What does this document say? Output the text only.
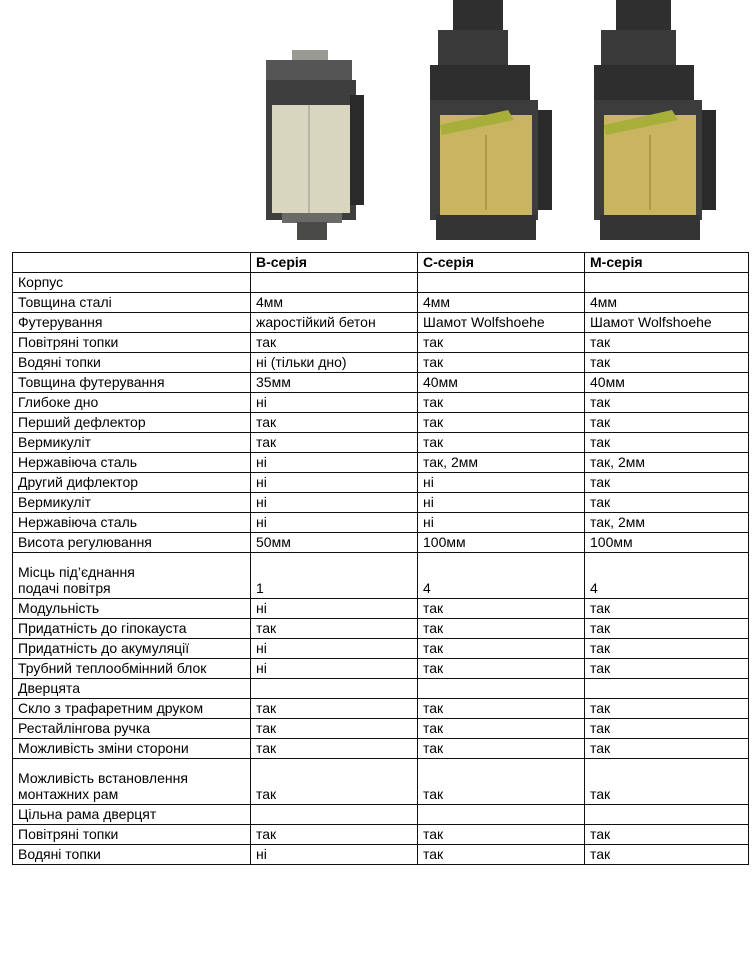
	B-серія	C-серія	M-серія
Корпус			
Товщина сталі	4мм	4мм	4мм
Футерування	жаростійкий бетон	Шамот Wolfshoehe	Шамот Wolfshoehe
Повітряні топки	так	так	так
Водяні топки	ні (тільки дно)	так	так
Товщина футерування	35мм	40мм	40мм
Глибоке дно	ні	так	так
Перший дефлектор	так	так	так
Вермикуліт	так	так	так
Нержавіюча сталь	ні	так, 2мм	так, 2мм
Другий дифлектор	ні	ні	так
Вермикуліт	ні	ні	так
Нержавіюча сталь	ні	ні	так, 2мм
Висота регулювання	50мм	100мм	100мм
Місць під’єднання
подачі повітря	1	4	4
Модульність	ні	так	так
Придатність до гіпокауста	так	так	так
Придатність до акумуляції	ні	так	так
Трубний теплообмінний блок	ні	так	так
Дверцята			
Скло з трафаретним друком	так	так	так
Рестайлінгова ручка	так	так	так
Можливість зміни сторони	так	так	так
Можливість встановлення
монтажних рам	так	так	так
Цільна рама дверцят			
Повітряні топки	так	так	так
Водяні топки	ні	так	так
